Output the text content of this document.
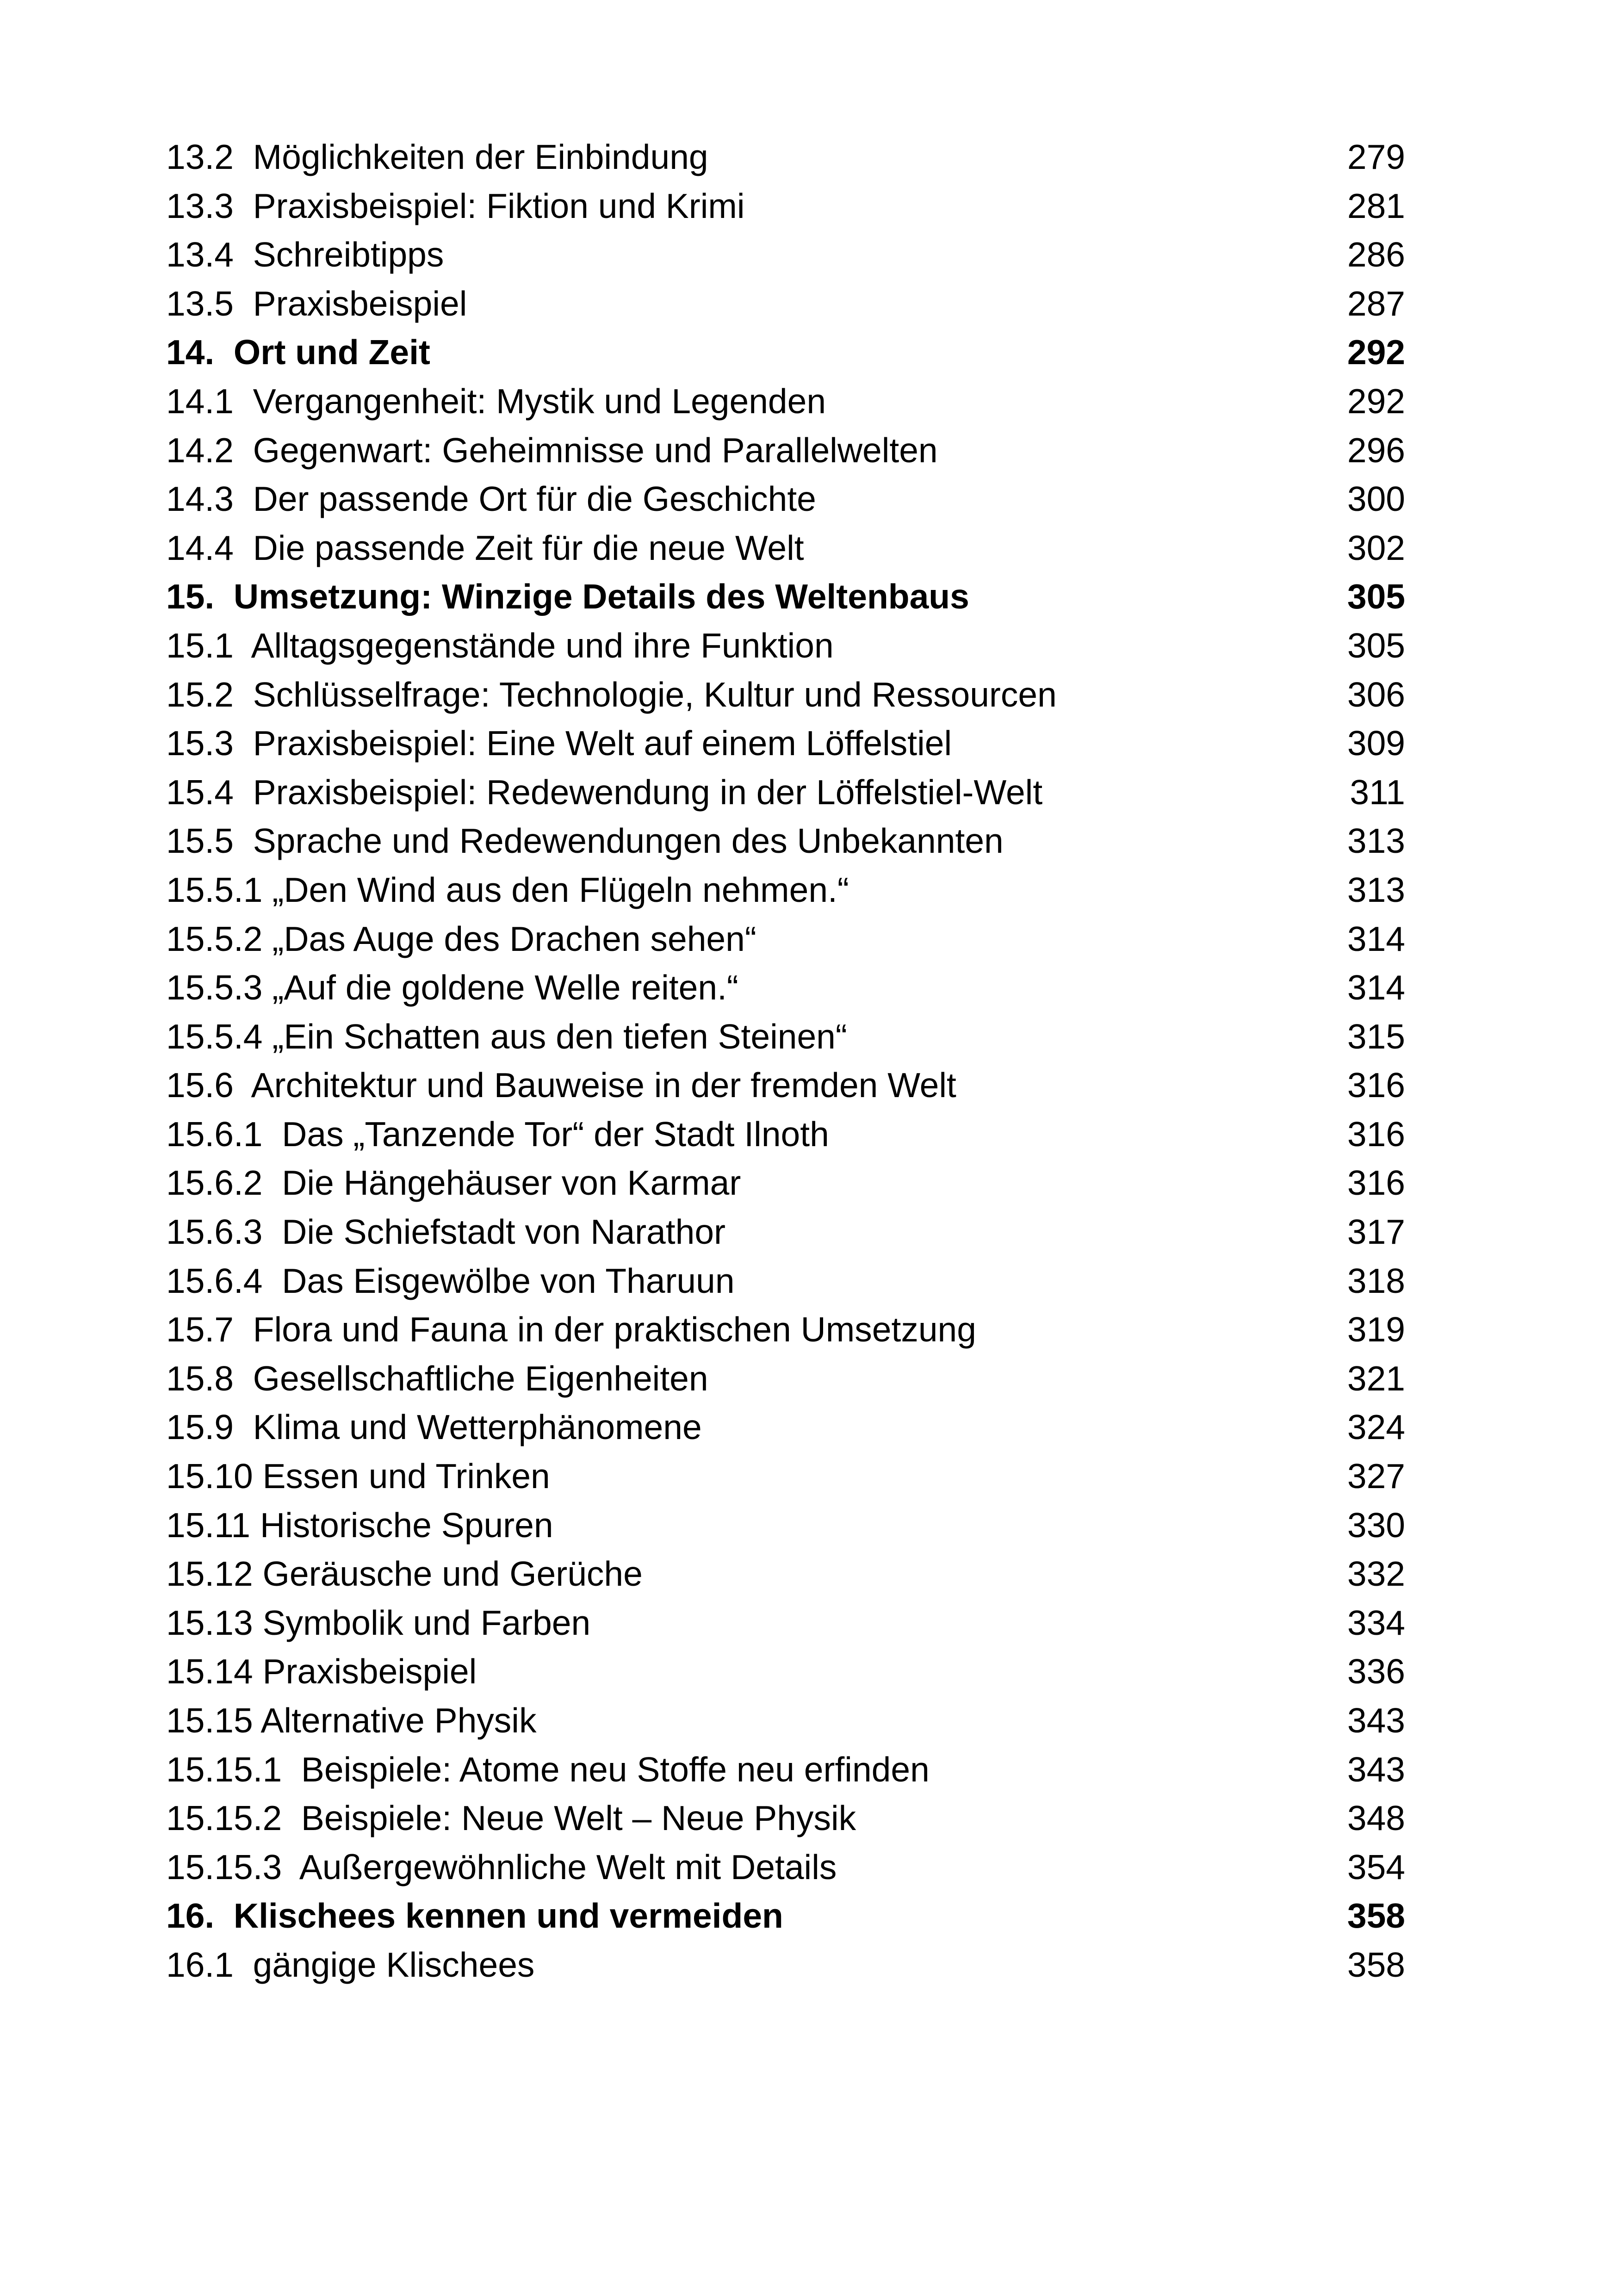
13.2  Möglichkeiten der Einbindung	279
13.3  Praxisbeispiel: Fiktion und Krimi	281
13.4  Schreibtipps	286
13.5  Praxisbeispiel	287
14.  Ort und Zeit	292
14.1  Vergangenheit: Mystik und Legenden	292
14.2  Gegenwart: Geheimnisse und Parallelwelten	296
14.3  Der passende Ort für die Geschichte	300
14.4  Die passende Zeit für die neue Welt	302
15.  Umsetzung: Winzige Details des Weltenbaus	305
15.1  Alltagsgegenstände und ihre Funktion	305
15.2  Schlüsselfrage: Technologie, Kultur und Ressourcen	306
15.3  Praxisbeispiel: Eine Welt auf einem Löffelstiel	309
15.4  Praxisbeispiel: Redewendung in der Löffelstiel-Welt	311
15.5  Sprache und Redewendungen des Unbekannten	313
15.5.1 „Den Wind aus den Flügeln nehmen.“	313
15.5.2 „Das Auge des Drachen sehen“	314
15.5.3 „Auf die goldene Welle reiten.“	314
15.5.4 „Ein Schatten aus den tiefen Steinen“	315
15.6  Architektur und Bauweise in der fremden Welt	316
15.6.1  Das „Tanzende Tor“ der Stadt Ilnoth	316
15.6.2  Die Hängehäuser von Karmar	316
15.6.3  Die Schiefstadt von Narathor	317
15.6.4  Das Eisgewölbe von Tharuun	318
15.7  Flora und Fauna in der praktischen Umsetzung	319
15.8  Gesellschaftliche Eigenheiten	321
15.9  Klima und Wetterphänomene	324
15.10 Essen und Trinken	327
15.11 Historische Spuren	330
15.12 Geräusche und Gerüche	332
15.13 Symbolik und Farben	334
15.14 Praxisbeispiel	336
15.15 Alternative Physik	343
15.15.1  Beispiele: Atome neu Stoffe neu erfinden	343
15.15.2  Beispiele: Neue Welt – Neue Physik	348
15.15.3  Außergewöhnliche Welt mit Details	354
16.  Klischees kennen und vermeiden	358
16.1  gängige Klischees	358
